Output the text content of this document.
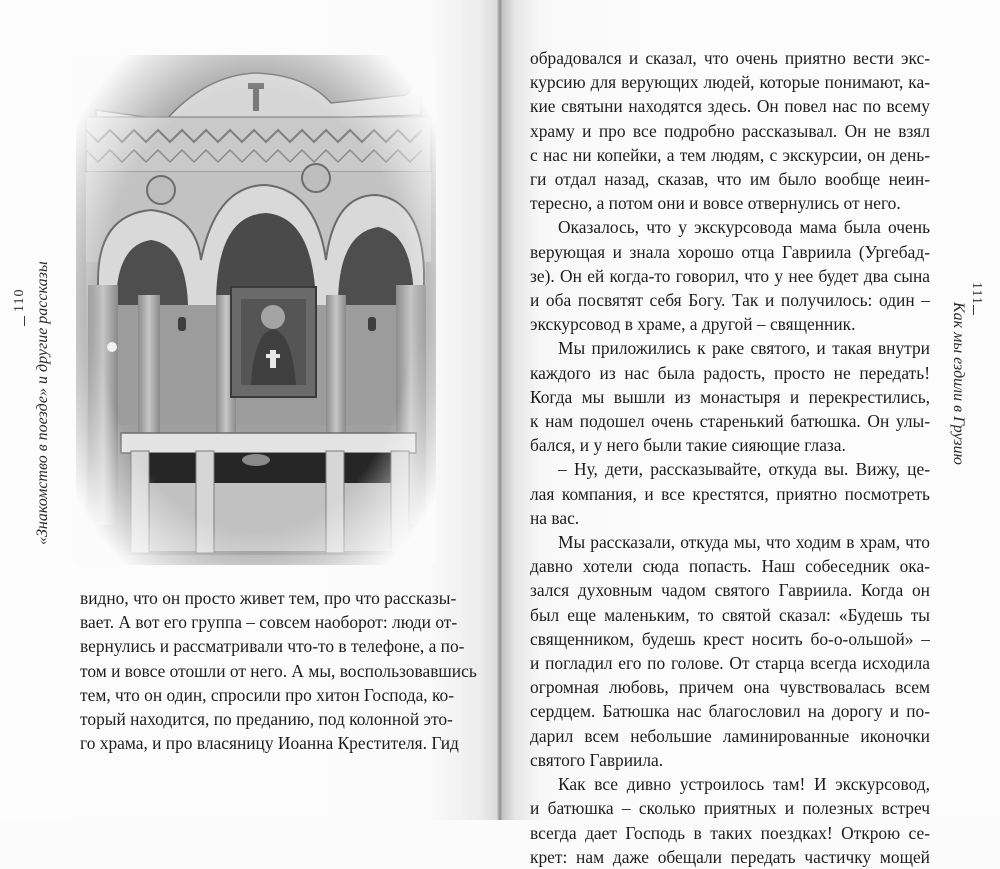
видно, что он просто живет тем, про что рассказы-
вает. А вот его группа – совсем наоборот: люди от-
вернулись и рассматривали что-то в телефоне, а по-
том и вовсе отошли от него. А мы, воспользовавшись
тем, что он один, спросили про хитон Господа, ко-
торый находится, по преданию, под колонной это-
го храма, и про власяницу Иоанна Крестителя. Гид
110 «Знакомство в поезде» и другие рассказы
обрадовался и сказал, что очень приятно вести экс-
курсию для верующих людей, которые понимают, ка-
кие святыни находятся здесь. Он повел нас по всему
храму и про все подробно рассказывал. Он не взял
с нас ни копейки, а тем людям, с экскурсии, он день-
ги отдал назад, сказав, что им было вообще неин-
тересно, а потом они и вовсе отвернулись от него.
Оказалось, что у экскурсовода мама была очень
верующая и знала хорошо отца Гавриила (Ургебад-
зе). Он ей когда-то говорил, что у нее будет два сына
и оба посвятят себя Богу. Так и получилось: один –
экскурсовод в храме, а другой – священник.
Мы приложились к раке святого, и такая внутри
каждого из нас была радость, просто не передать!
Когда мы вышли из монастыря и перекрестились,
к нам подошел очень старенький батюшка. Он улы-
бался, и у него были такие сияющие глаза.
– Ну, дети, рассказывайте, откуда вы. Вижу, це-
лая компания, и все крестятся, приятно посмотреть
на вас.
Мы рассказали, откуда мы, что ходим в храм, что
давно хотели сюда попасть. Наш собеседник ока-
зался духовным чадом святого Гавриила. Когда он
был еще маленьким, то святой сказал: «Будешь ты
священником, будешь крест носить бо-о-ольшой» –
и погладил его по голове. От старца всегда исходила
огромная любовь, причем она чувствовалась всем
сердцем. Батюшка нас благословил на дорогу и по-
дарил всем небольшие ламинированные иконочки
святого Гавриила.
Как все дивно устроилось там! И экскурсовод,
и батюшка – сколько приятных и полезных встреч
всегда дает Господь в таких поездках! Открою се-
крет: нам даже обещали передать частичку мощей
111
Как мы ездили в Грузию
